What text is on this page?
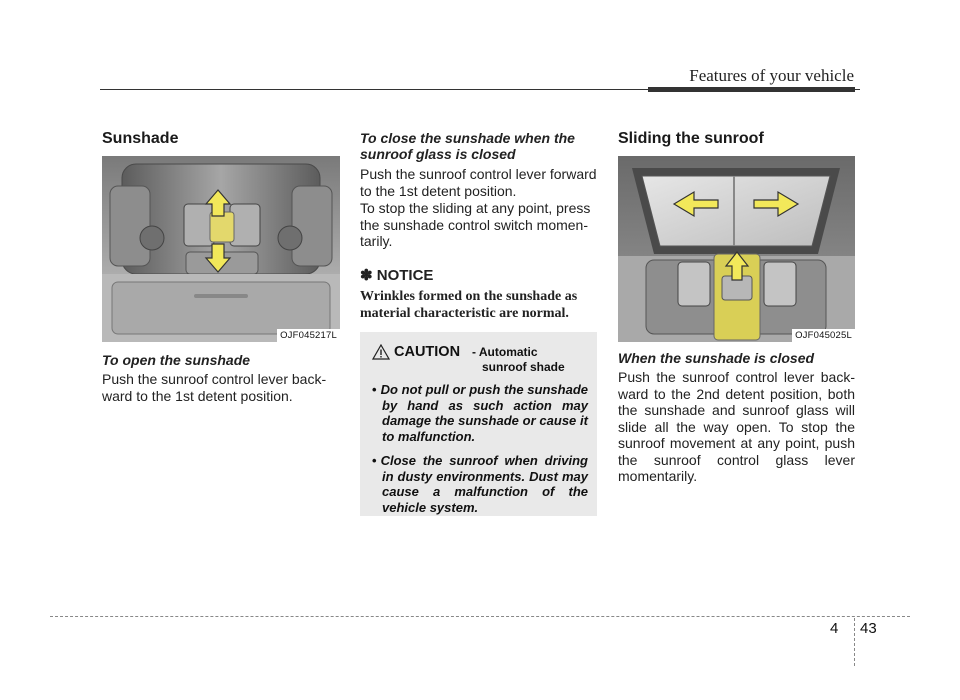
Features of your vehicle
Sunshade
OJF045217L

To open the sunshade

Push the sunroof control lever backward to the 1st detent position.

To close the sunshade when the
sunroof glass is closed

Push the sunroof control lever forward to the 1st detent position.

To stop the sliding at any point, press the sunshade control switch momentarily.

✽ NOTICE

Wrinkles formed on the sunshade as material characteristic are normal.

CAUTION - Automatic
sunroof shade
• Do not pull or push the sunshade by hand as such action may damage the sunshade or cause it to malfunction.
• Close the sunroof when driving in dusty environments. Dust may cause a malfunction of the vehicle system.
Sliding the sunroof
OJF045025L

When the sunshade is closed

Push the sunroof control lever backward to the 2nd detent position, both the sunshade and sunroof glass will slide all the way open. To stop the sunroof movement at any point, push the sunroof control glass lever momentarily.

4 43
